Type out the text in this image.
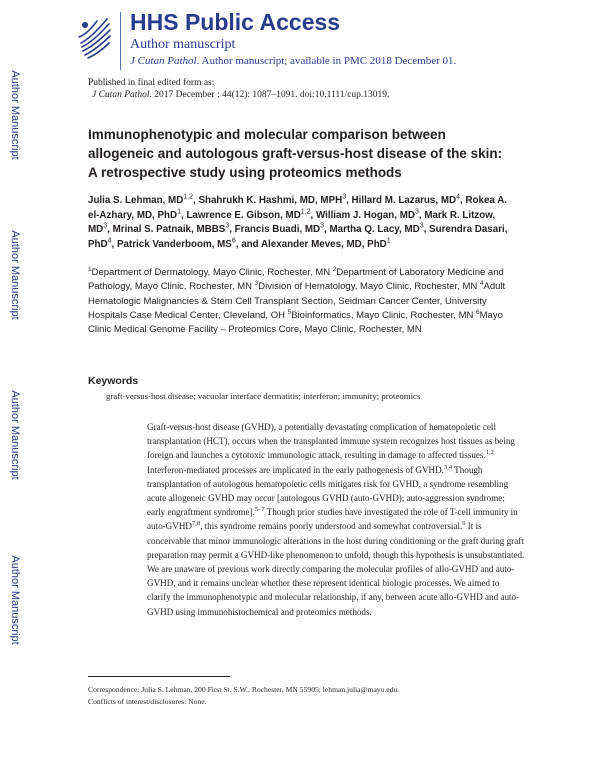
HHS Public Access
Author manuscript
J Cutan Pathol. Author manuscript; available in PMC 2018 December 01.
Author Manuscript
Author Manuscript
Author Manuscript
Author Manuscript
Published in final edited form as:
J Cutan Pathol. 2017 December ; 44(12): 1087–1091. doi:10.1111/cup.13019.
Immunophenotypic and molecular comparison between
allogeneic and autologous graft-versus-host disease of the skin:
A retrospective study using proteomics methods
Julia S. Lehman, MD$^{1,2}$, Shahrukh K. Hashmi, MD, MPH$^3$, Hillard M. Lazarus, $MD^4$, Rokea A. el-Azhary, MD, PhD$^1$, Lawrence E. Gibson, MD$^{1,2}$, William J. Hogan, $MD^3$, Mark R. Litzow, $MD^3$, Mrinal S. Patnaik, MBBS$^3$, Francis Buadi, $MD^3$, Martha Q. Lacy, $MD^3$, Surendra Dasari, PhD$^4$, Patrick Vanderboom, $MS^6$, and Alexander Meves, MD, PhD$^1$
$^1$Department of Dermatology, Mayo Clinic, Rochester, MN $^2$Department of Laboratory Medicine and Pathology, Mayo Clinic, Rochester, MN $^3$Division of Hematology, Mayo Clinic, Rochester, MN $^4$Adult Hematologic Malignancies & Stem Cell Transplant Section, Seidman Cancer Center, University Hospitals Case Medical Center, Cleveland, OH $^5$Bioinformatics, Mayo Clinic, Rochester, MN $^6$Mayo Clinic Medical Genome Facility – Proteomics Core, Mayo Clinic, Rochester, MN
Keywords
graft-versus-host disease; vacuolar interface dermatitis; interferon; immunity; proteomics

Graft-versus-host disease (GVHD), a potentially devastating complication of hematopoietic cell transplantation (HCT), occurs when the transplanted immune system recognizes host tissues as being foreign and launches a cytotoxic immunologic attack, resulting in damage to affected tissues.$^{1,2}$ Interferon-mediated processes are implicated in the early pathogenesis of GVHD.$^{3,4}$ Though transplantation of autologous hematopoietic cells mitigates risk for GVHD, a syndrome resembling acute allogeneic GVHD may occur [autologous GVHD (auto-GVHD); auto-aggression syndrome; early engraftment syndrome].$^{5-7}$ Though prior studies have investigated the role of T-cell immunity in auto-GVHD$^{7,8}$, this syndrome remains poorly understood and somewhat controversial.$^9$ It is conceivable that minor immunologic alterations in the host during conditioning or the graft during graft preparation may permit a GVHD-like phenomenon to unfold, though this hypothesis is unsubstantiated. We are unaware of previous work directly comparing the molecular profiles of allo-GVHD and auto-GVHD, and it remains unclear whether these represent identical biologic processes. We aimed to clarify the immunophenotypic and molecular relationship, if any, between acute allo-GVHD and auto-GVHD using immunohistochemical and proteomics methods.

Correspondence: Julia S. Lehman, 200 First St. S.W., Rochester, MN 55905; lehman.julia@mayo.edu.
Conflicts of interest/disclosures: None.
